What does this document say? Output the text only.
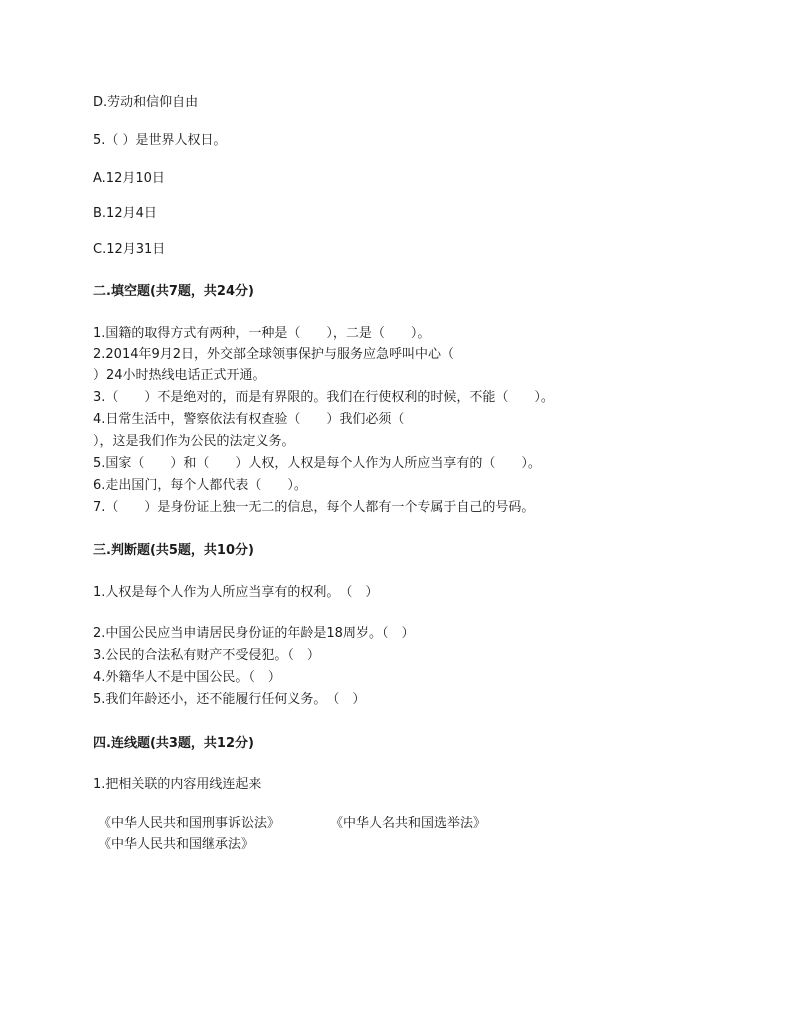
D.劳动和信仰自由
5.（ ）是世界人权日。
A.12月10日
B.12月4日
C.12月31日
二.填空题(共7题，共24分)
1.国籍的取得方式有两种，一种是（　　），二是（　　）。
2.2014年9月2日，外交部全球领事保护与服务应急呼叫中心（
）24小时热线电话正式开通。
3.（　　）不是绝对的，而是有界限的。我们在行使权利的时候，不能（　　）。
4.日常生活中，警察依法有权查验（　　）我们必须（
），这是我们作为公民的法定义务。
5.国家（　　）和（　　）人权，人权是每个人作为人所应当享有的（　　）。
6.走出国门，每个人都代表（　　）。
7.（　　）是身份证上独一无二的信息，每个人都有一个专属于自己的号码。
三.判断题(共5题，共10分)
1.人权是每个人作为人所应当享有的权利。　（　）
2.中国公民应当申请居民身份证的年龄是18周岁。（　）
3.公民的合法私有财产不受侵犯。（　）
4.外籍华人不是中国公民。（　）
5.我们年龄还小，还不能履行任何义务。　（　）
四.连线题(共3题，共12分)
1.把相关联的内容用线连起来
《中华人民共和国刑事诉讼法》	《中华人名共和国选举法》
《中华人民共和国继承法》
